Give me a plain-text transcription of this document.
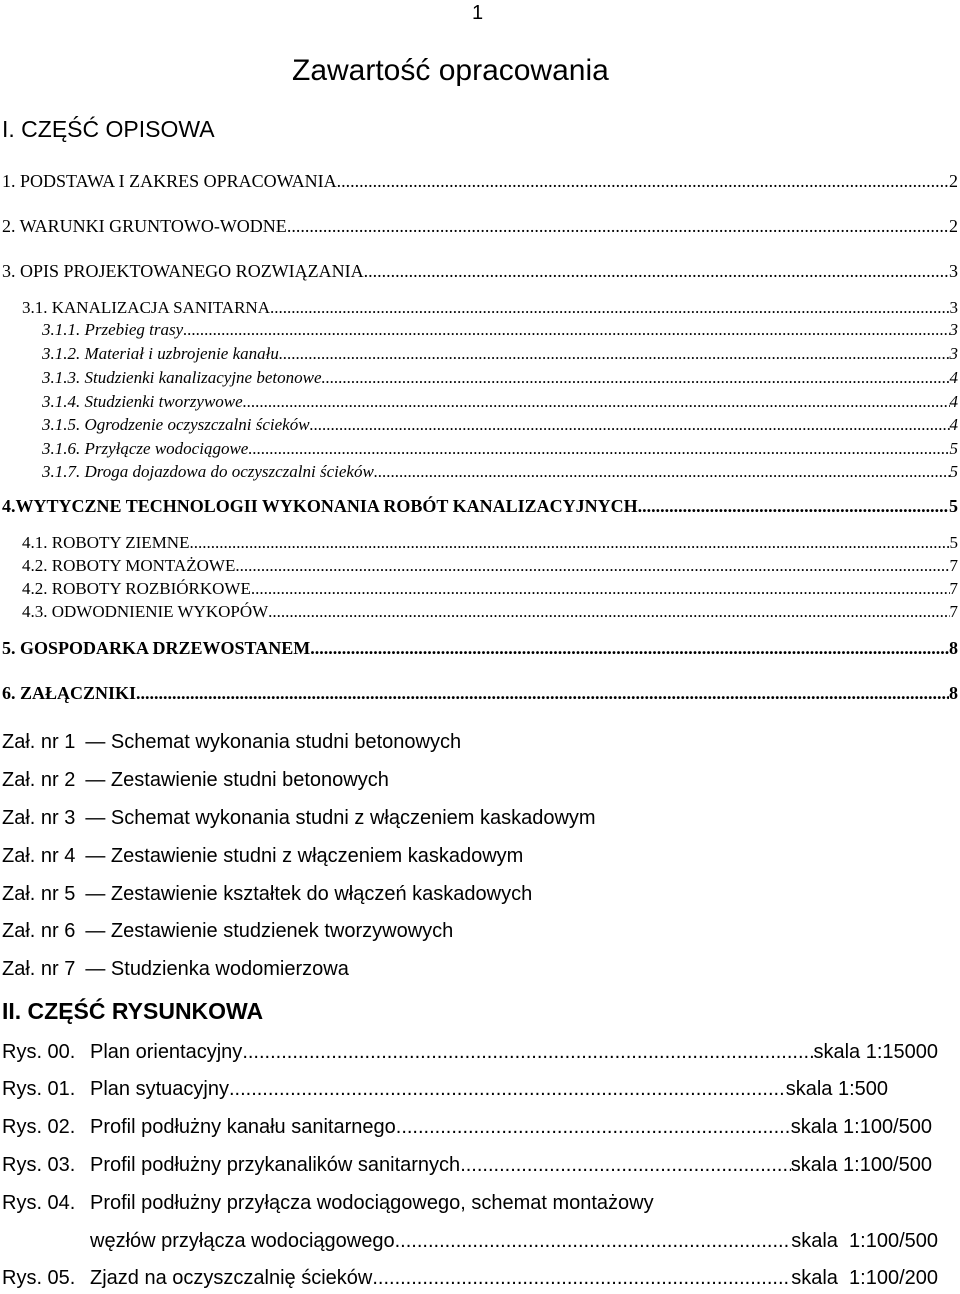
1
Zawartość opracowania
I. CZĘŚĆ OPISOWA
1. PODSTAWA I ZAKRES OPRACOWANIA .....	2
2. WARUNKI GRUNTOWO-WODNE .....	2
3. OPIS PROJEKTOWANEGO ROZWIĄZANIA .....	3
3.1. KANALIZACJA SANITARNA .....	3
3.1.1. Przebieg trasy .....	3
3.1.2. Materiał i uzbrojenie kanału .....	3
3.1.3. Studzienki kanalizacyjne betonowe .....	4
3.1.4. Studzienki tworzywowe .....	4
3.1.5. Ogrodzenie oczyszczalni ścieków .....	4
3.1.6. Przyłącze wodociągowe .....	5
3.1.7. Droga dojazdowa do oczyszczalni ścieków .....	5
4.WYTYCZNE TECHNOLOGII WYKONANIA ROBÓT KANALIZACYJNYCH .....	5
4.1. ROBOTY ZIEMNE .....	5
4.2. ROBOTY MONTAŻOWE .....	7
4.2. ROBOTY ROZBIÓRKOWE .....	7
4.3. ODWODNIENIE WYKOPÓW .....	7
5. GOSPODARKA DRZEWOSTANEM .....	8
6. ZAŁĄCZNIKI .....	8
Zał. nr 1 — Schemat wykonania studni betonowych
Zał. nr 2 — Zestawienie studni betonowych
Zał. nr 3 — Schemat wykonania studni z włączeniem kaskadowym
Zał. nr 4 — Zestawienie studni z włączeniem kaskadowym
Zał. nr 5 — Zestawienie kształtek do włączeń kaskadowych
Zał. nr 6 — Zestawienie studzienek tworzywowych
Zał. nr 7 — Studzienka wodomierzowa
II. CZĘŚĆ RYSUNKOWA
Rys. 00. Plan orientacyjny .....	skala 1:15000
Rys. 01. Plan sytuacyjny .....	skala 1:500
Rys. 02. Profil podłużny kanału sanitarnego .....	skala 1:100/500
Rys. 03. Profil podłużny przykanalików sanitarnych .....	skala 1:100/500
Rys. 04. Profil podłużny przyłącza wodociągowego, schemat montażowy
węzłów przyłącza wodociągowego .....	skala  1:100/500
Rys. 05. Zjazd na oczyszczalnię ścieków .....	skala  1:100/200
